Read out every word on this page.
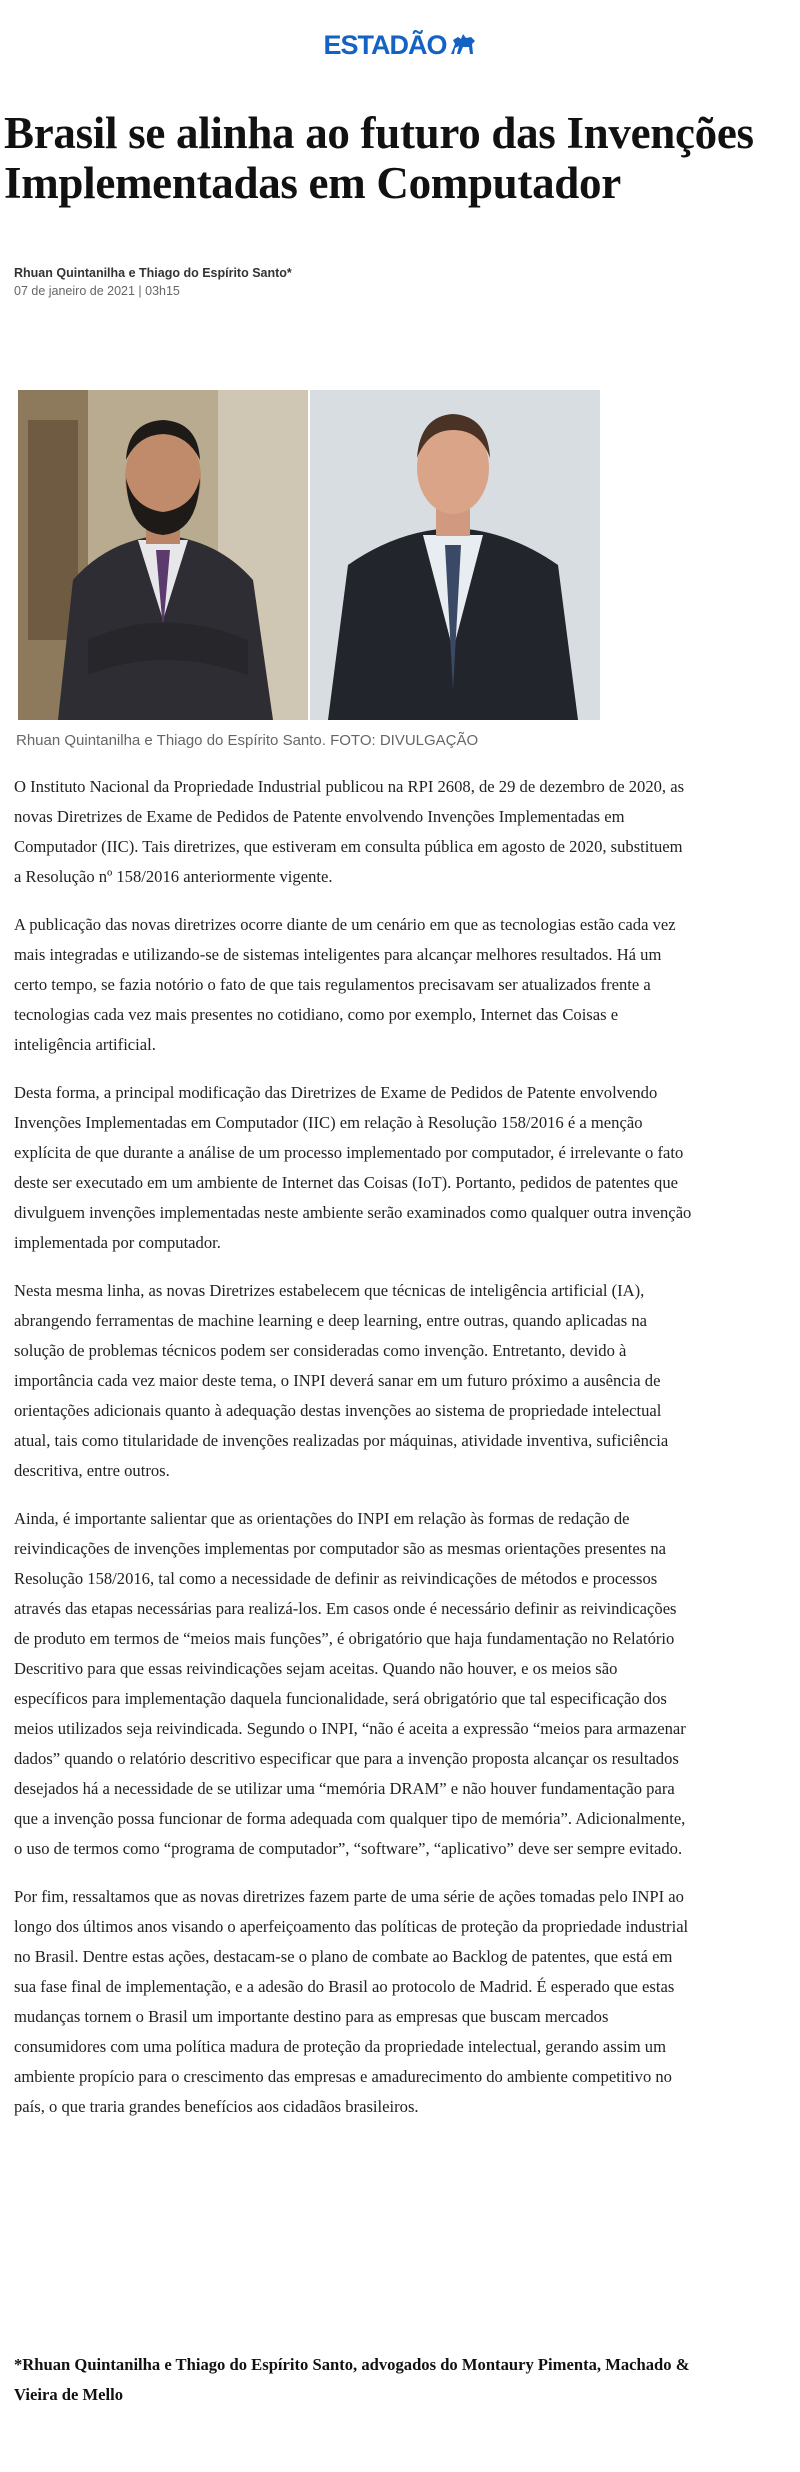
ESTADÃO
Brasil se alinha ao futuro das Invenções Implementadas em Computador
Rhuan Quintanilha e Thiago do Espírito Santo*
07 de janeiro de 2021 | 03h15
Rhuan Quintanilha e Thiago do Espírito Santo. FOTO: DIVULGAÇÃO

O Instituto Nacional da Propriedade Industrial publicou na RPI 2608, de 29 de dezembro de 2020, as novas Diretrizes de Exame de Pedidos de Patente envolvendo Invenções Implementadas em Computador (IIC). Tais diretrizes, que estiveram em consulta pública em agosto de 2020, substituem a Resolução nº 158/2016 anteriormente vigente.

A publicação das novas diretrizes ocorre diante de um cenário em que as tecnologias estão cada vez mais integradas e utilizando-se de sistemas inteligentes para alcançar melhores resultados. Há um certo tempo, se fazia notório o fato de que tais regulamentos precisavam ser atualizados frente a tecnologias cada vez mais presentes no cotidiano, como por exemplo, Internet das Coisas e inteligência artificial.

Desta forma, a principal modificação das Diretrizes de Exame de Pedidos de Patente envolvendo Invenções Implementadas em Computador (IIC) em relação à Resolução 158/2016 é a menção explícita de que durante a análise de um processo implementado por computador, é irrelevante o fato deste ser executado em um ambiente de Internet das Coisas (IoT). Portanto, pedidos de patentes que divulguem invenções implementadas neste ambiente serão examinados como qualquer outra invenção implementada por computador.

Nesta mesma linha, as novas Diretrizes estabelecem que técnicas de inteligência artificial (IA), abrangendo ferramentas de machine learning e deep learning, entre outras, quando aplicadas na solução de problemas técnicos podem ser consideradas como invenção. Entretanto, devido à importância cada vez maior deste tema, o INPI deverá sanar em um futuro próximo a ausência de orientações adicionais quanto à adequação destas invenções ao sistema de propriedade intelectual atual, tais como titularidade de invenções realizadas por máquinas, atividade inventiva, suficiência descritiva, entre outros.

Ainda, é importante salientar que as orientações do INPI em relação às formas de redação de reivindicações de invenções implementas por computador são as mesmas orientações presentes na Resolução 158/2016, tal como a necessidade de definir as reivindicações de métodos e processos através das etapas necessárias para realizá-los. Em casos onde é necessário definir as reivindicações de produto em termos de “meios mais funções”, é obrigatório que haja fundamentação no Relatório Descritivo para que essas reivindicações sejam aceitas. Quando não houver, e os meios são específicos para implementação daquela funcionalidade, será obrigatório que tal especificação dos meios utilizados seja reivindicada. Segundo o INPI, “não é aceita a expressão “meios para armazenar dados” quando o relatório descritivo especificar que para a invenção proposta alcançar os resultados desejados há a necessidade de se utilizar uma “memória DRAM” e não houver fundamentação para que a invenção possa funcionar de forma adequada com qualquer tipo de memória”. Adicionalmente, o uso de termos como “programa de computador”, “software”, “aplicativo” deve ser sempre evitado.

Por fim, ressaltamos que as novas diretrizes fazem parte de uma série de ações tomadas pelo INPI ao longo dos últimos anos visando o aperfeiçoamento das políticas de proteção da propriedade industrial no Brasil. Dentre estas ações, destacam-se o plano de combate ao Backlog de patentes, que está em sua fase final de implementação, e a adesão do Brasil ao protocolo de Madrid. É esperado que estas mudanças tornem o Brasil um importante destino para as empresas que buscam mercados consumidores com uma política madura de proteção da propriedade intelectual, gerando assim um ambiente propício para o crescimento das empresas e amadurecimento do ambiente competitivo no país, o que traria grandes benefícios aos cidadãos brasileiros.

*Rhuan Quintanilha e Thiago do Espírito Santo, advogados do Montaury Pimenta, Machado & Vieira de Mello
